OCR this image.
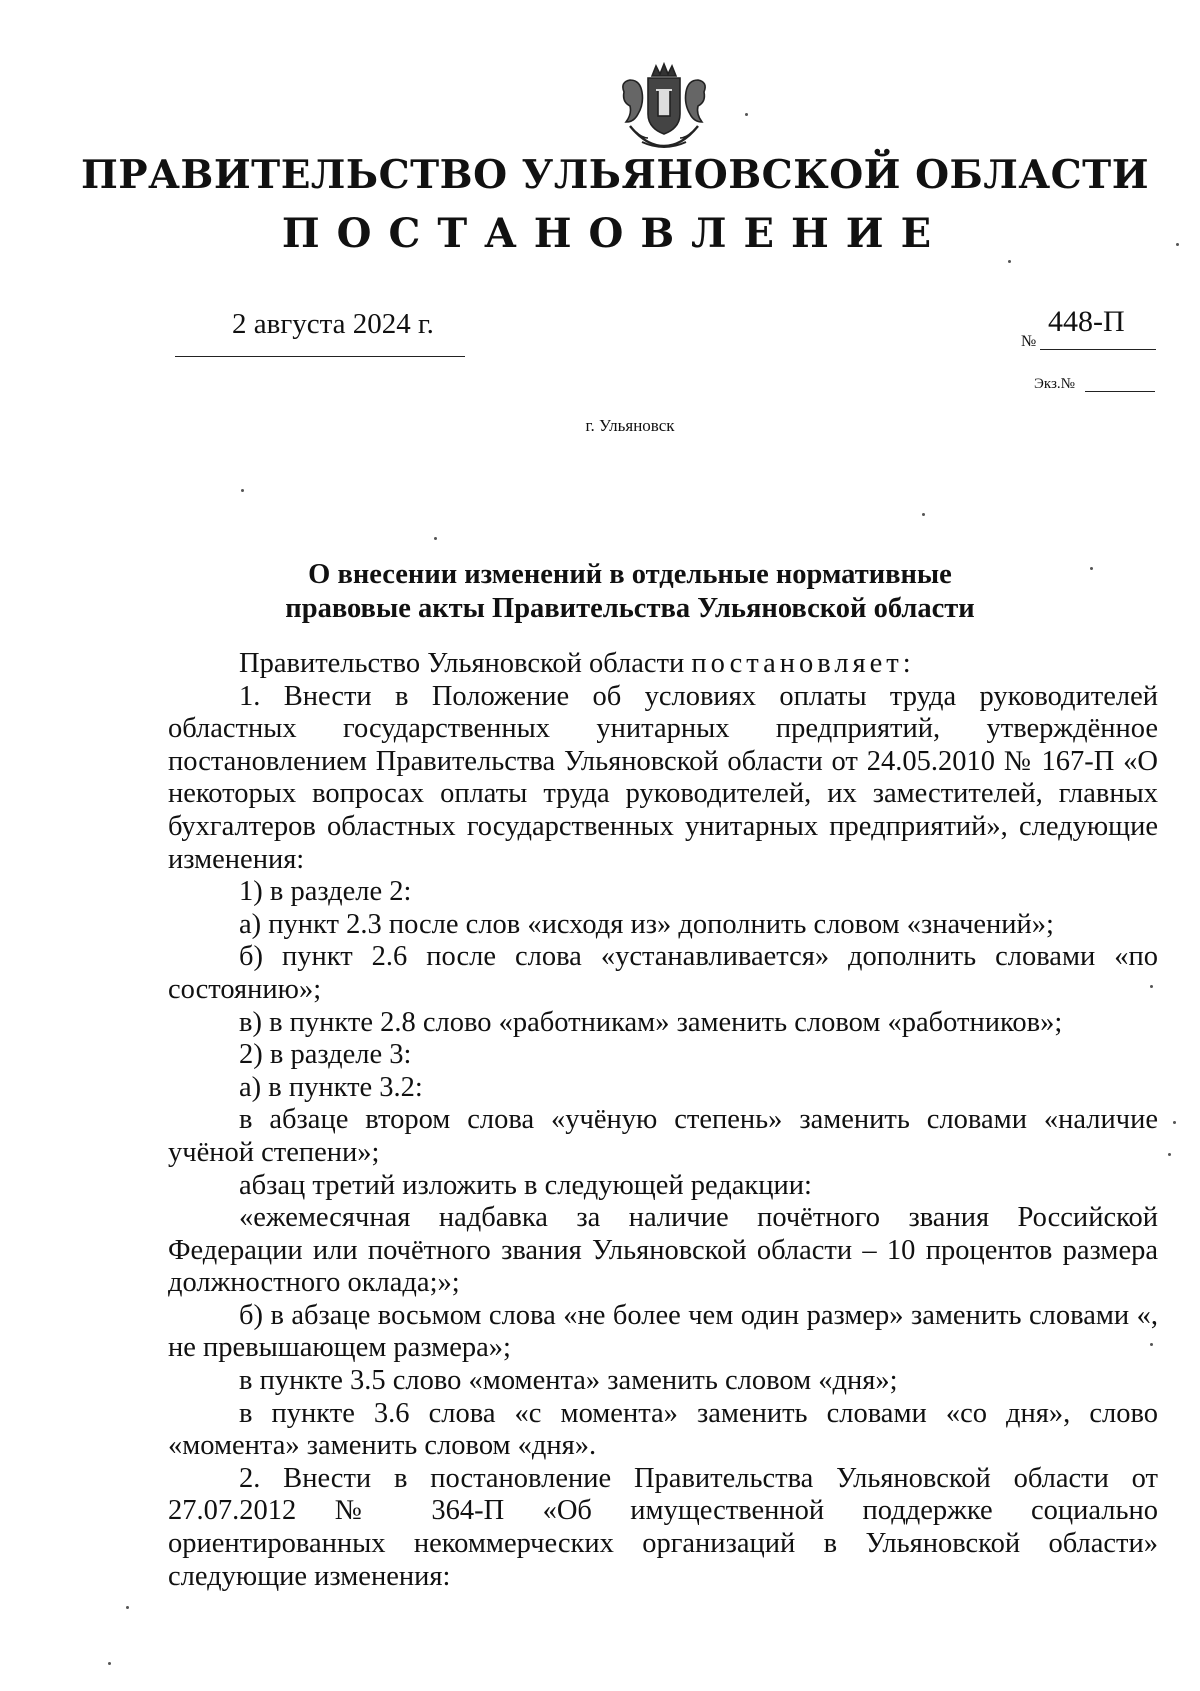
ПРАВИТЕЛЬСТВО УЛЬЯНОВСКОЙ ОБЛАСТИ
ПОСТАНОВЛЕНИЕ
2 августа 2024 г.
№
448-П
Экз.№
г. Ульяновск
О внесении изменений в отдельные нормативные
правовые акты Правительства Ульяновской области

Правительство Ульяновской области постановляет:

1. Внести в Положение об условиях оплаты труда руководителей областных государственных унитарных предприятий, утверждённое постановлением Правительства Ульяновской области от 24.05.2010 № 167-П «О некоторых вопросах оплаты труда руководителей, их заместителей, главных бухгалтеров областных государственных унитарных предприятий», следующие изменения:

1) в разделе 2:

а) пункт 2.3 после слов «исходя из» дополнить словом «значений»;

б) пункт 2.6 после слова «устанавливается» дополнить словами «по состоянию»;

в) в пункте 2.8 слово «работникам» заменить словом «работников»;

2) в разделе 3:

а) в пункте 3.2:

в абзаце втором слова «учёную степень» заменить словами «наличие учёной степени»;

абзац третий изложить в следующей редакции:

«ежемесячная надбавка за наличие почётного звания Российской Федерации или почётного звания Ульяновской области – 10 процентов размера должностного оклада;»;

б) в абзаце восьмом слова «не более чем один размер» заменить словами «, не превышающем размера»;

в пункте 3.5 слово «момента» заменить словом «дня»;

в пункте 3.6 слова «с момента» заменить словами «со дня», слово «момента» заменить словом «дня».

2. Внести в постановление Правительства Ульяновской области от 27.07.2012 № 364-П «Об имущественной поддержке социально ориентированных некоммерческих организаций в Ульяновской области» следующие изменения:
